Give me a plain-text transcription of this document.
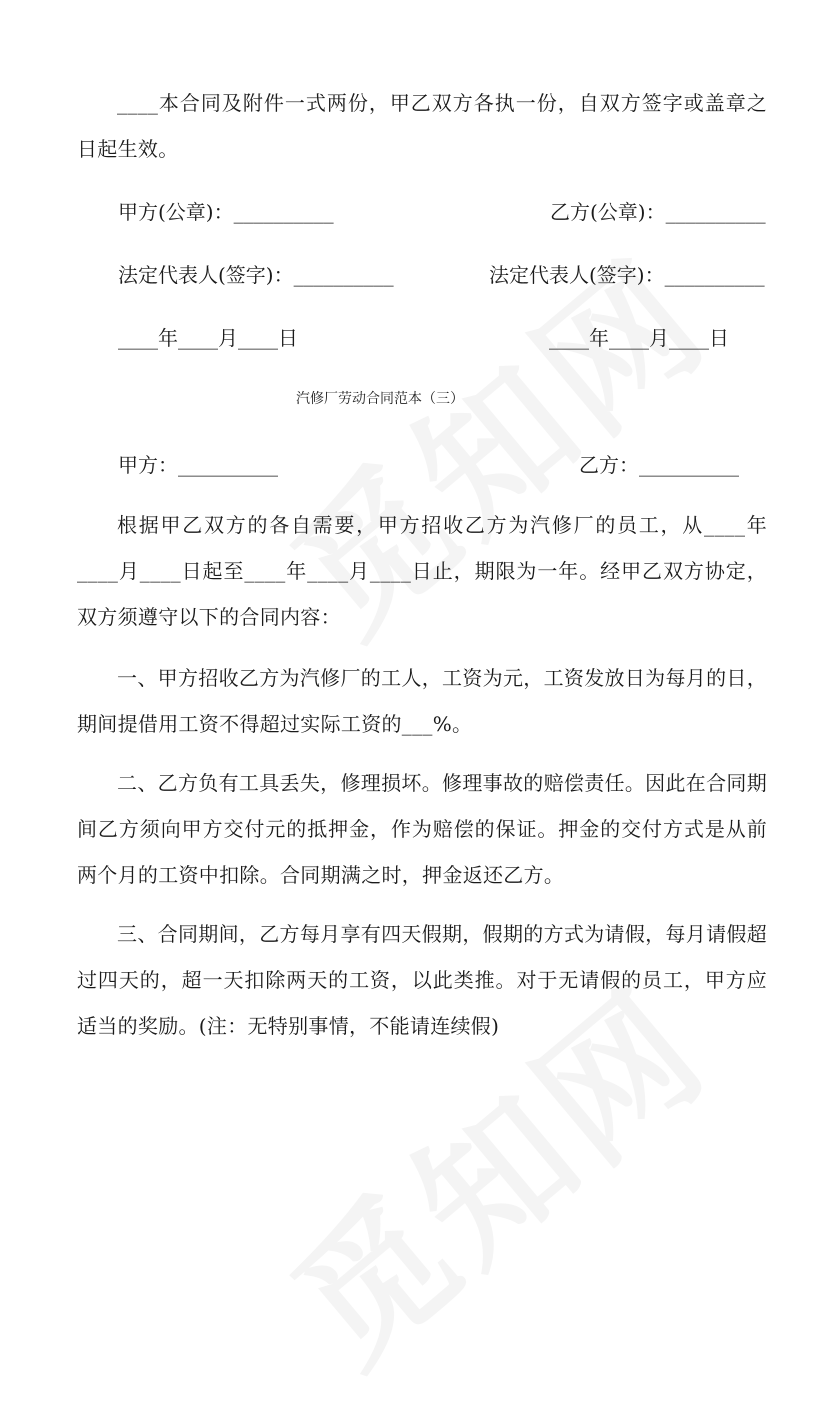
____本合同及附件一式两份，甲乙双方各执一份，自双方签字或盖章之日起生效。

甲方(公章)：__________	乙方(公章)：__________

法定代表人(签字)：__________	法定代表人(签字)：__________

____年____月____日	____年____月____日

汽修厂劳动合同范本（三）

甲方：__________	乙方：__________

根据甲乙双方的各自需要，甲方招收乙方为汽修厂的员工，从____年____月____日起至____年____月____日止，期限为一年。经甲乙双方协定，双方须遵守以下的合同内容：

一、甲方招收乙方为汽修厂的工人，工资为元，工资发放日为每月的日，期间提借用工资不得超过实际工资的___%。

二、乙方负有工具丢失，修理损坏。修理事故的赔偿责任。因此在合同期间乙方须向甲方交付元的抵押金，作为赔偿的保证。押金的交付方式是从前两个月的工资中扣除。合同期满之时，押金返还乙方。

三、合同期间，乙方每月享有四天假期，假期的方式为请假，每月请假超过四天的，超一天扣除两天的工资，以此类推。对于无请假的员工，甲方应适当的奖励。(注：无特别事情，不能请连续假)
